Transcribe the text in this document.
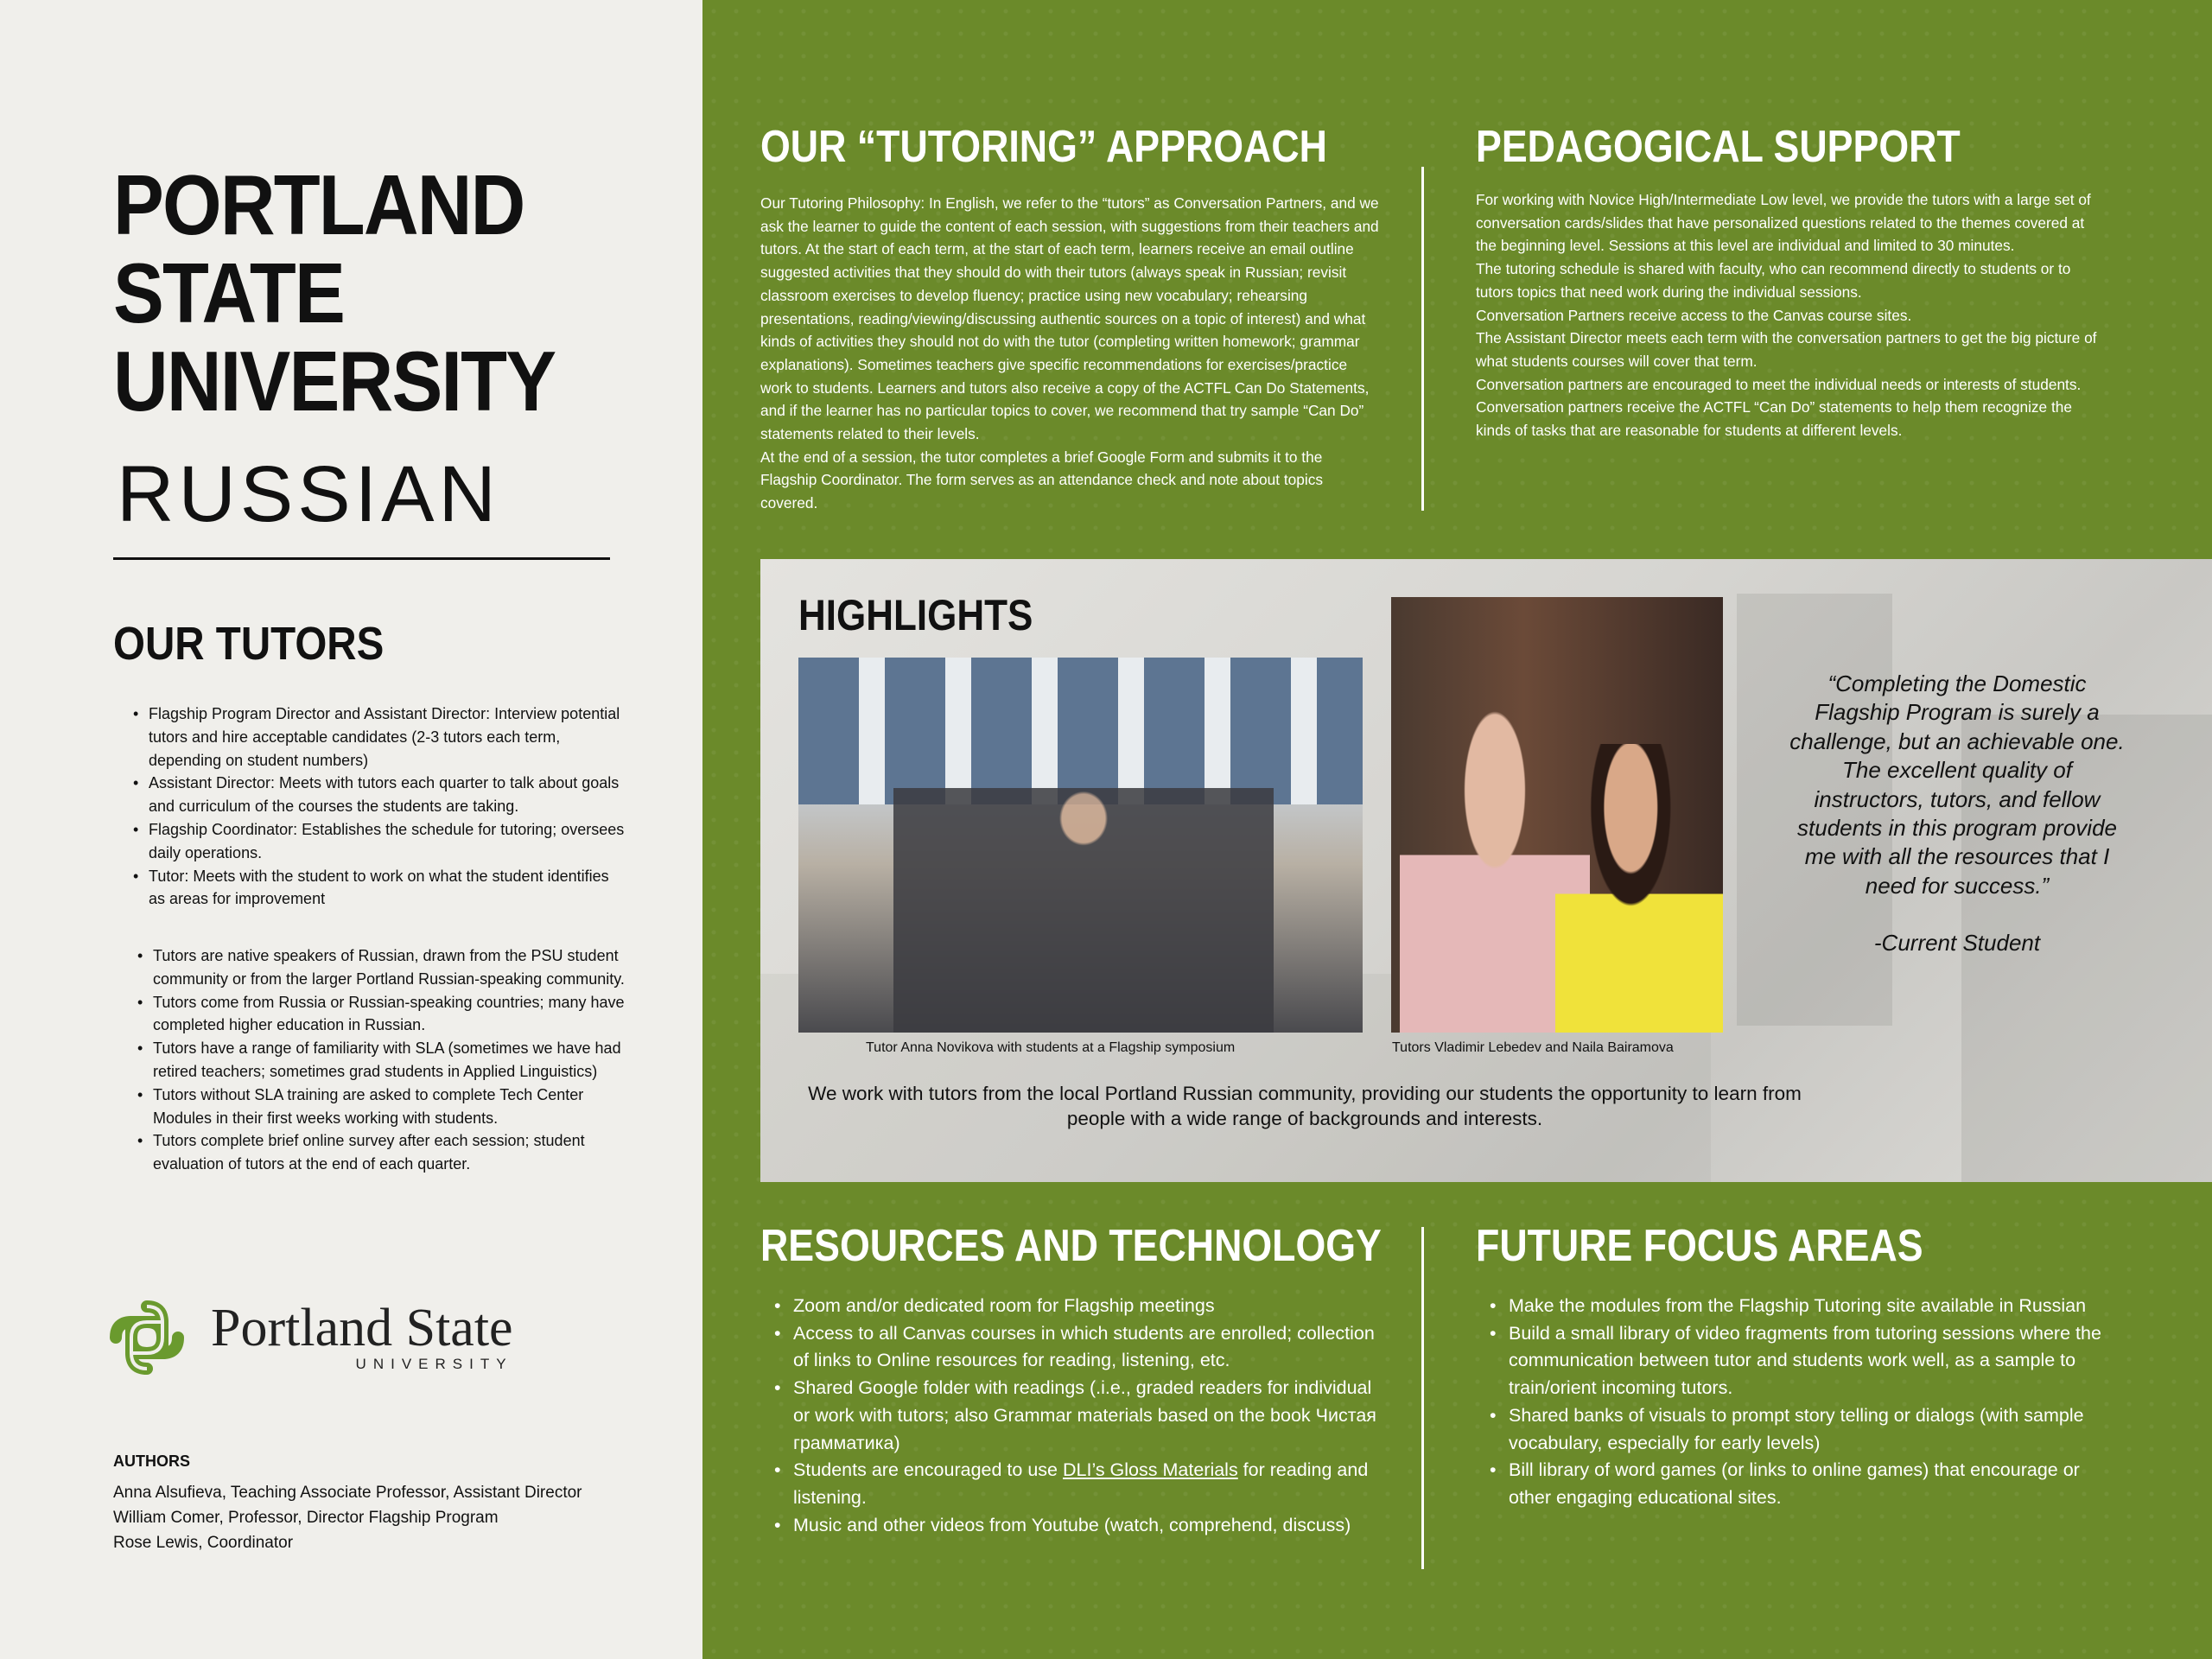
PORTLAND
STATE
UNIVERSITY
RUSSIAN
OUR TUTORS
• Flagship Program Director and Assistant Director: Interview potential tutors and hire acceptable candidates (2-3 tutors each term, depending on student numbers)
• Assistant Director: Meets with tutors each quarter to talk about goals and curriculum of the courses the students are taking.
• Flagship Coordinator: Establishes the schedule for tutoring; oversees daily operations.
• Tutor: Meets with the student to work on what the student identifies as areas for improvement
• Tutors are native speakers of Russian, drawn from the PSU student community or from the larger Portland Russian-speaking community.
• Tutors come from Russia or Russian-speaking countries; many have completed higher education in Russian.
• Tutors have a range of familiarity with SLA (sometimes we have had retired teachers; sometimes grad students in Applied Linguistics)
• Tutors without SLA training are asked to complete Tech Center Modules in their first weeks working with students.
• Tutors complete brief online survey after each session; student evaluation of tutors at the end of each quarter.
Portland State
UNIVERSITY
AUTHORS
Anna Alsufieva, Teaching Associate Professor, Assistant Director
William Comer, Professor, Director Flagship Program
Rose Lewis, Coordinator
OUR “TUTORING” APPROACH
Our Tutoring Philosophy: In English, we refer to the “tutors” as Conversation Partners, and we ask the learner to guide the content of each session, with suggestions from their teachers and tutors. At the start of each term, at the start of each term, learners receive an email outline suggested activities that they should do with their tutors (always speak in Russian; revisit classroom exercises to develop fluency; practice using new vocabulary; rehearsing presentations, reading/viewing/discussing authentic sources on a topic of interest) and what kinds of activities they should not do with the tutor (completing written homework; grammar explanations). Sometimes teachers give specific recommendations for exercises/practice work to students. Learners and tutors also receive a copy of the ACTFL Can Do Statements, and if the learner has no particular topics to cover, we recommend that try sample “Can Do” statements related to their levels.
At the end of a session, the tutor completes a brief Google Form and submits it to the Flagship Coordinator. The form serves as an attendance check and note about topics covered.
PEDAGOGICAL SUPPORT
For working with Novice High/Intermediate Low level, we provide the tutors with a large set of conversation cards/slides that have personalized questions related to the themes covered at the beginning level. Sessions at this level are individual and limited to 30 minutes.
The tutoring schedule is shared with faculty, who can recommend directly to students or to tutors topics that need work during the individual sessions.
Conversation Partners receive access to the Canvas course sites.
The Assistant Director meets each term with the conversation partners to get the big picture of what students courses will cover that term.
Conversation partners are encouraged to meet the individual needs or interests of students.
Conversation partners receive the ACTFL “Can Do” statements to help them recognize the kinds of tasks that are reasonable for students at different levels.
HIGHLIGHTS
Tutor Anna Novikova with students at a Flagship symposium	Tutors Vladimir Lebedev and Naila Bairamova
“Completing the Domestic Flagship Program is surely a challenge, but an achievable one. The excellent quality of instructors, tutors, and fellow students in this program provide me with all the resources that I need for success.”
-Current Student
We work with tutors from the local Portland Russian community, providing our students the opportunity to learn from people with a wide range of backgrounds and interests.
RESOURCES AND TECHNOLOGY
• Zoom and/or dedicated room for Flagship meetings
• Access to all Canvas courses in which students are enrolled; collection of links to Online resources for reading, listening, etc.
• Shared Google folder with readings (.i.e., graded readers for individual or work with tutors; also Grammar materials based on the book Чистая грамматика)
• Students are encouraged to use DLI’s Gloss Materials for reading and listening.
• Music and other videos from Youtube (watch, comprehend, discuss)
FUTURE FOCUS AREAS
• Make the modules from the Flagship Tutoring site available in Russian
• Build a small library of video fragments from tutoring sessions where the communication between tutor and students work well, as a sample to train/orient incoming tutors.
• Shared banks of visuals to prompt story telling or dialogs (with sample vocabulary, especially for early levels)
• Bill library of word games (or links to online games) that encourage or other engaging educational sites.
